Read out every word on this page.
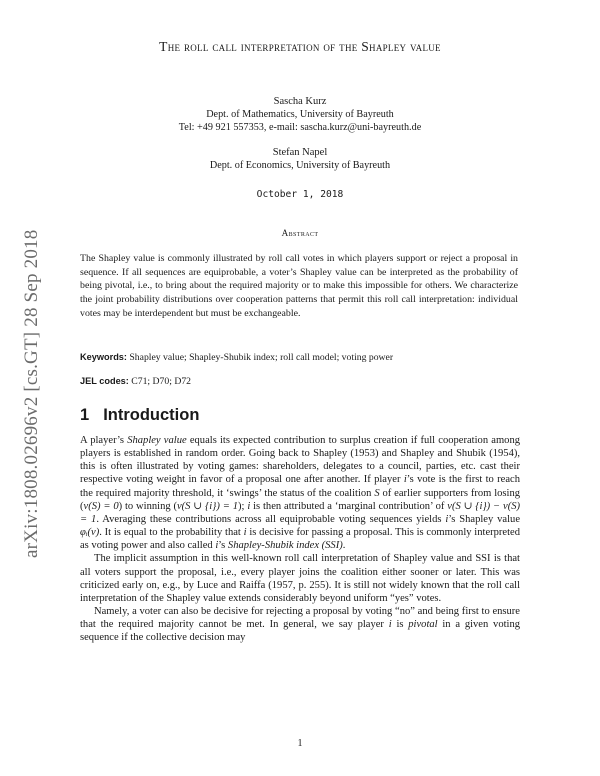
arXiv:1808.02696v2 [cs.GT] 28 Sep 2018
The roll call interpretation of the Shapley value
Sascha Kurz
Dept. of Mathematics, University of Bayreuth
Tel: +49 921 557353, e-mail: sascha.kurz@uni-bayreuth.de
Stefan Napel
Dept. of Economics, University of Bayreuth
October 1, 2018
Abstract
The Shapley value is commonly illustrated by roll call votes in which players support or reject a proposal in sequence. If all sequences are equiprobable, a voter’s Shapley value can be interpreted as the probability of being pivotal, i.e., to bring about the required majority or to make this impossible for others. We characterize the joint probability distributions over cooperation patterns that permit this roll call interpretation: individual votes may be interdependent but must be exchangeable.
Keywords: Shapley value; Shapley-Shubik index; roll call model; voting power
JEL codes: C71; D70; D72
1 Introduction

A player’s Shapley value equals its expected contribution to surplus creation if full cooperation among players is established in random order. Going back to Shapley (1953) and Shapley and Shubik (1954), this is often illustrated by voting games: shareholders, delegates to a council, parties, etc. cast their respective voting weight in favor of a proposal one after another. If player i’s vote is the first to reach the required majority threshold, it ‘swings’ the status of the coalition S of earlier supporters from losing (v(S) = 0) to winning (v(S ∪ {i}) = 1); i is then attributed a ‘marginal contribution’ of v(S ∪ {i}) − v(S) = 1. Averaging these contributions across all equiprobable voting sequences yields i’s Shapley value φᵢ(v). It is equal to the probability that i is decisive for passing a proposal. This is commonly interpreted as voting power and also called i’s Shapley-Shubik index (SSI).

The implicit assumption in this well-known roll call interpretation of Shapley value and SSI is that all voters support the proposal, i.e., every player joins the coalition either sooner or later. This was criticized early on, e.g., by Luce and Raiffa (1957, p. 255). It is still not widely known that the roll call interpretation of the Shapley value extends considerably beyond uniform “yes” votes.

Namely, a voter can also be decisive for rejecting a proposal by voting “no” and being first to ensure that the required majority cannot be met. In general, we say player i is pivotal in a given voting sequence if the collective decision may

1
